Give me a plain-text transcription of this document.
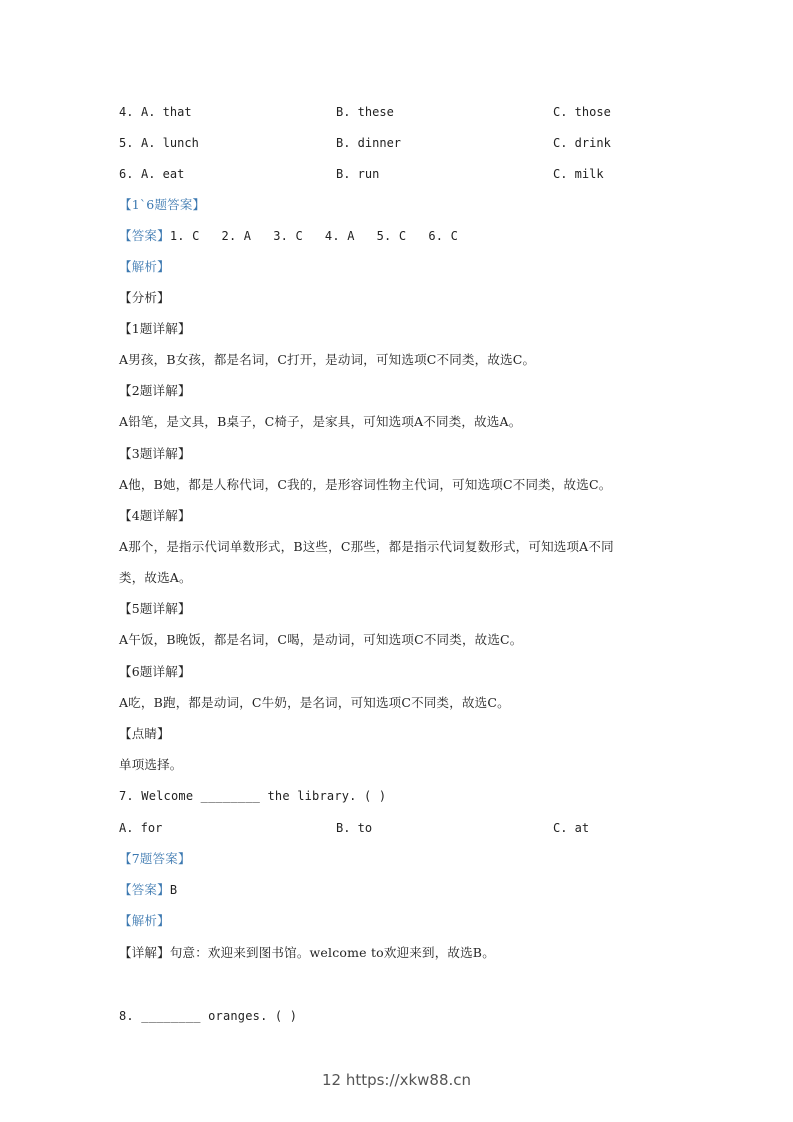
4. A. that	B. these	C. those
5. A. lunch	B. dinner	C. drink
6. A. eat	B. run	C. milk
【1`6题答案】
【答案】1. C 2. A 3. C 4. A 5. C 6. C
【解析】
【分析】
【1题详解】
A男孩，B女孩，都是名词，C打开，是动词，可知选项C不同类，故选C。
【2题详解】
A铅笔，是文具，B桌子，C椅子，是家具，可知选项A不同类，故选A。
【3题详解】
A他，B她，都是人称代词，C我的，是形容词性物主代词，可知选项C不同类，故选C。
【4题详解】
A那个，是指示代词单数形式，B这些，C那些，都是指示代词复数形式，可知选项A不同
类，故选A。
【5题详解】
A午饭，B晚饭，都是名词，C喝，是动词，可知选项C不同类，故选C。
【6题详解】
A吃，B跑，都是动词，C牛奶，是名词，可知选项C不同类，故选C。
【点睛】
单项选择。
7. Welcome ________ the library. ( )
A. for	B. to	C. at
【7题答案】
【答案】B
【解析】
【详解】句意：欢迎来到图书馆。welcome to欢迎来到，故选B。
8. ________ oranges. ( )
12 https://xkw88.cn
